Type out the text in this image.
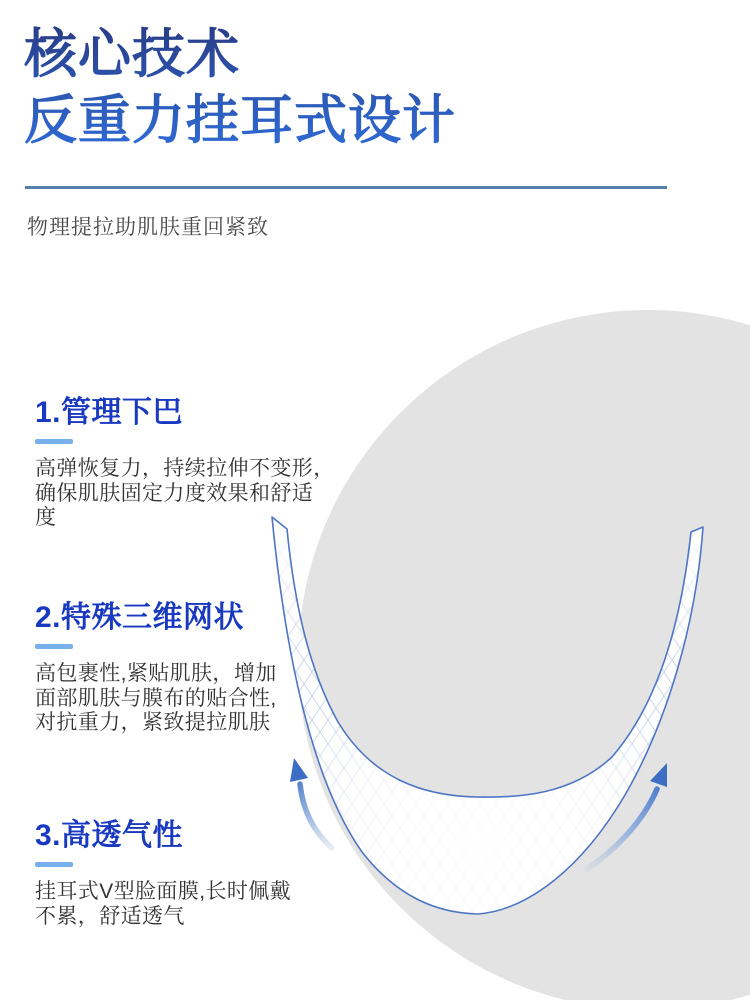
核心技术
反重力挂耳式设计
物理提拉助肌肤重回紧致
1.管理下巴
高弹恢复力，持续拉伸不变形，
确保肌肤固定力度效果和舒适
度
2.特殊三维网状
高包裹性,紧贴肌肤，增加
面部肌肤与膜布的贴合性,
对抗重力，紧致提拉肌肤
3.高透气性
挂耳式V型脸面膜,长时佩戴
不累，舒适透气
